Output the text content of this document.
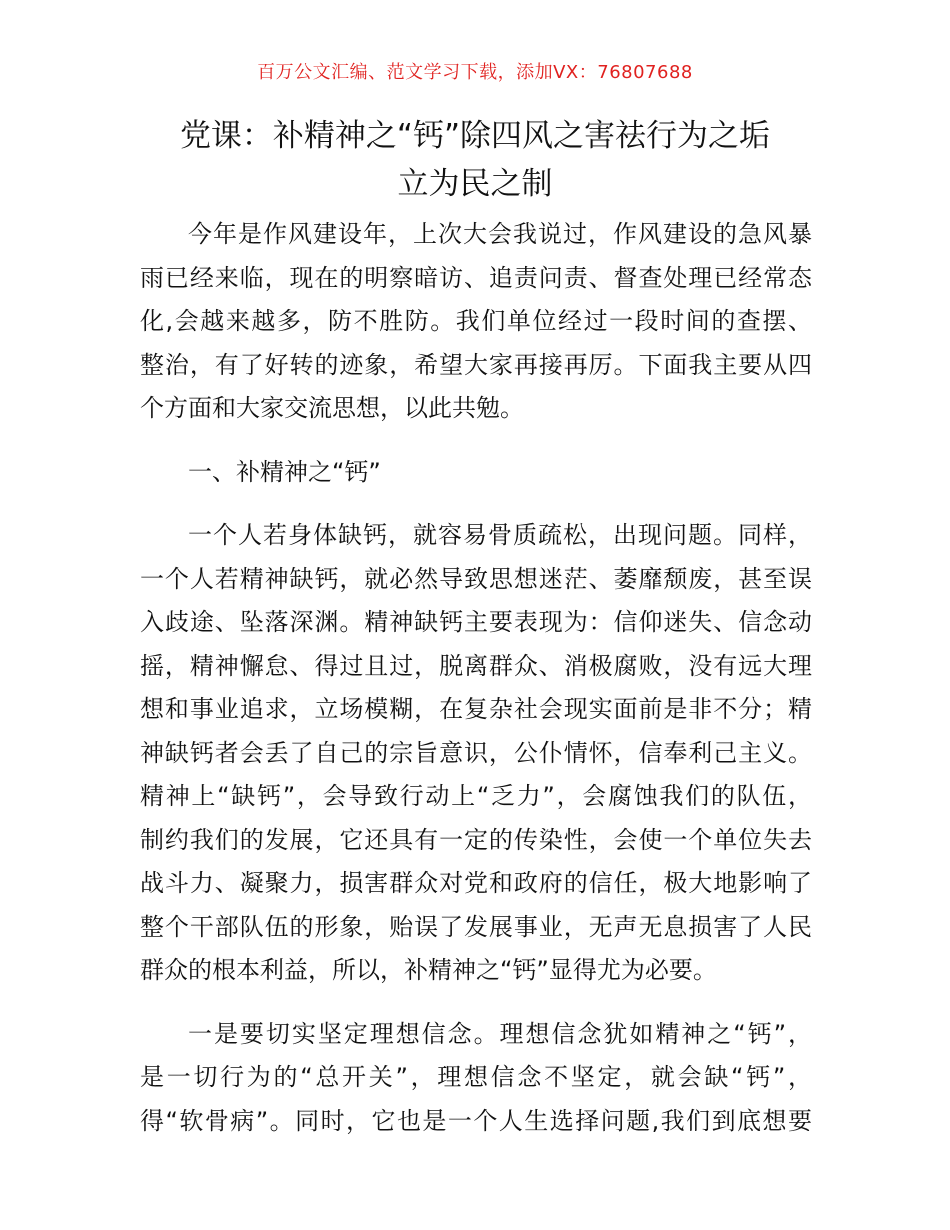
百万公文汇编、范文学习下载，添加VX：76807688
党课：补精神之“钙”除四风之害祛行为之垢
立为民之制
今年是作风建设年，上次大会我说过，作风建设的急风暴
雨已经来临，现在的明察暗访、追责问责、督查处理已经常态
化,会越来越多，防不胜防。我们单位经过一段时间的查摆、
整治，有了好转的迹象，希望大家再接再厉。下面我主要从四
个方面和大家交流思想，以此共勉。
一、补精神之“钙”
一个人若身体缺钙，就容易骨质疏松，出现问题。同样，
一个人若精神缺钙，就必然导致思想迷茫、萎靡颓废，甚至误
入歧途、坠落深渊。精神缺钙主要表现为：信仰迷失、信念动
摇，精神懈怠、得过且过，脱离群众、消极腐败，没有远大理
想和事业追求，立场模糊，在复杂社会现实面前是非不分；精
神缺钙者会丢了自己的宗旨意识，公仆情怀，信奉利己主义。
精神上“缺钙”，会导致行动上“乏力”，会腐蚀我们的队伍，
制约我们的发展，它还具有一定的传染性，会使一个单位失去
战斗力、凝聚力，损害群众对党和政府的信任，极大地影响了
整个干部队伍的形象，贻误了发展事业，无声无息损害了人民
群众的根本利益，所以，补精神之“钙”显得尤为必要。
一是要切实坚定理想信念。理想信念犹如精神之“钙”，
是一切行为的“总开关”，理想信念不坚定，就会缺“钙”，
得“软骨病”。同时，它也是一个人生选择问题,我们到底想要
